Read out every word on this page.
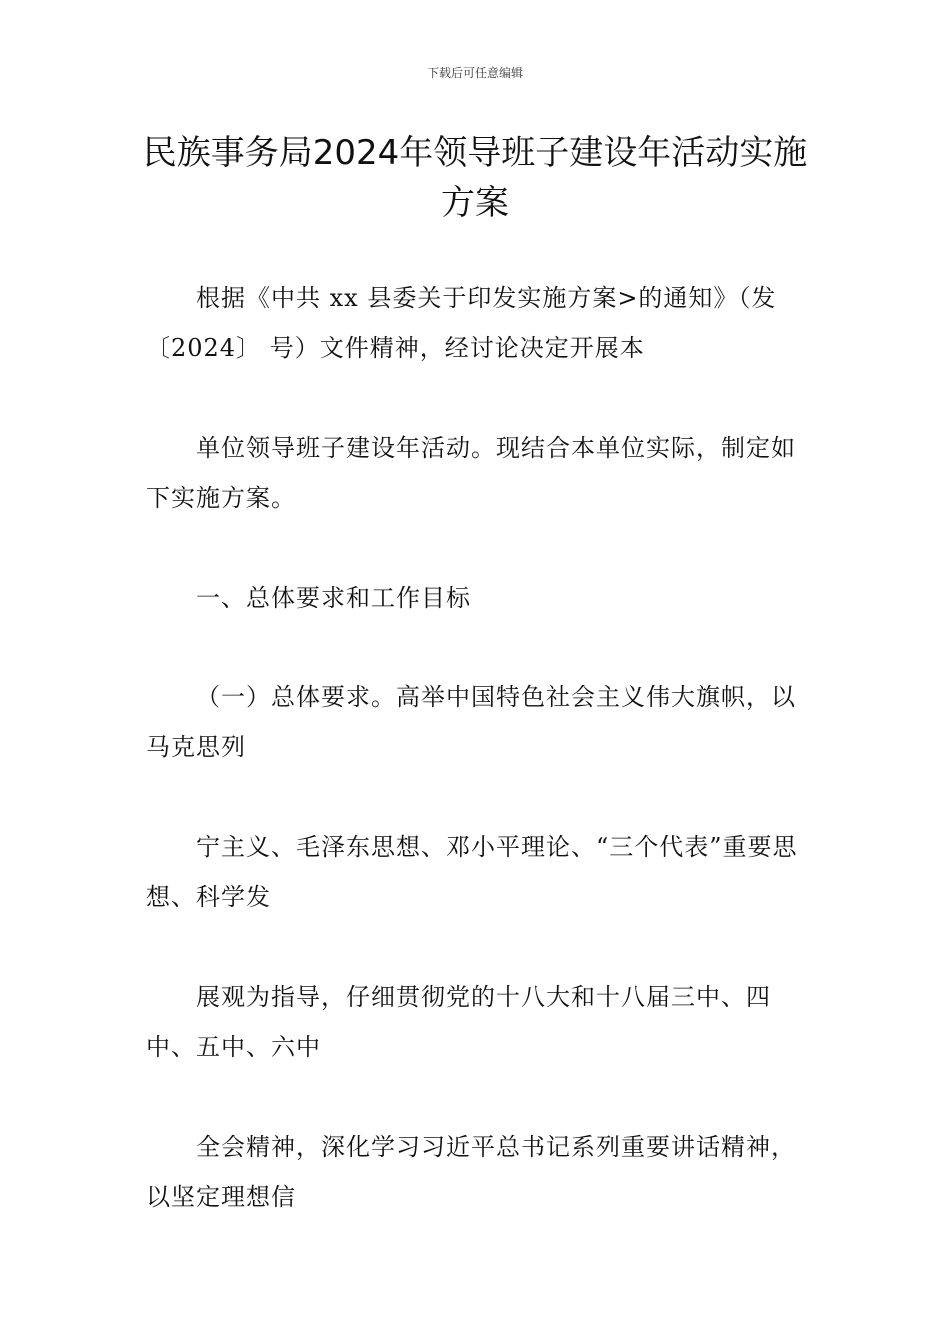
下载后可任意编辑
民族事务局2024年领导班子建设年活动实施方案

根据《中共 xx 县委关于印发实施方案>的通知》（发〔2024〕 号）文件精神，经讨论决定开展本

单位领导班子建设年活动。现结合本单位实际，制定如下实施方案。

一、总体要求和工作目标

（一）总体要求。高举中国特色社会主义伟大旗帜，以马克思列

宁主义、毛泽东思想、邓小平理论、“三个代表”重要思想、科学发

展观为指导，仔细贯彻党的十八大和十八届三中、四中、五中、六中

全会精神，深化学习习近平总书记系列重要讲话精神，以坚定理想信
